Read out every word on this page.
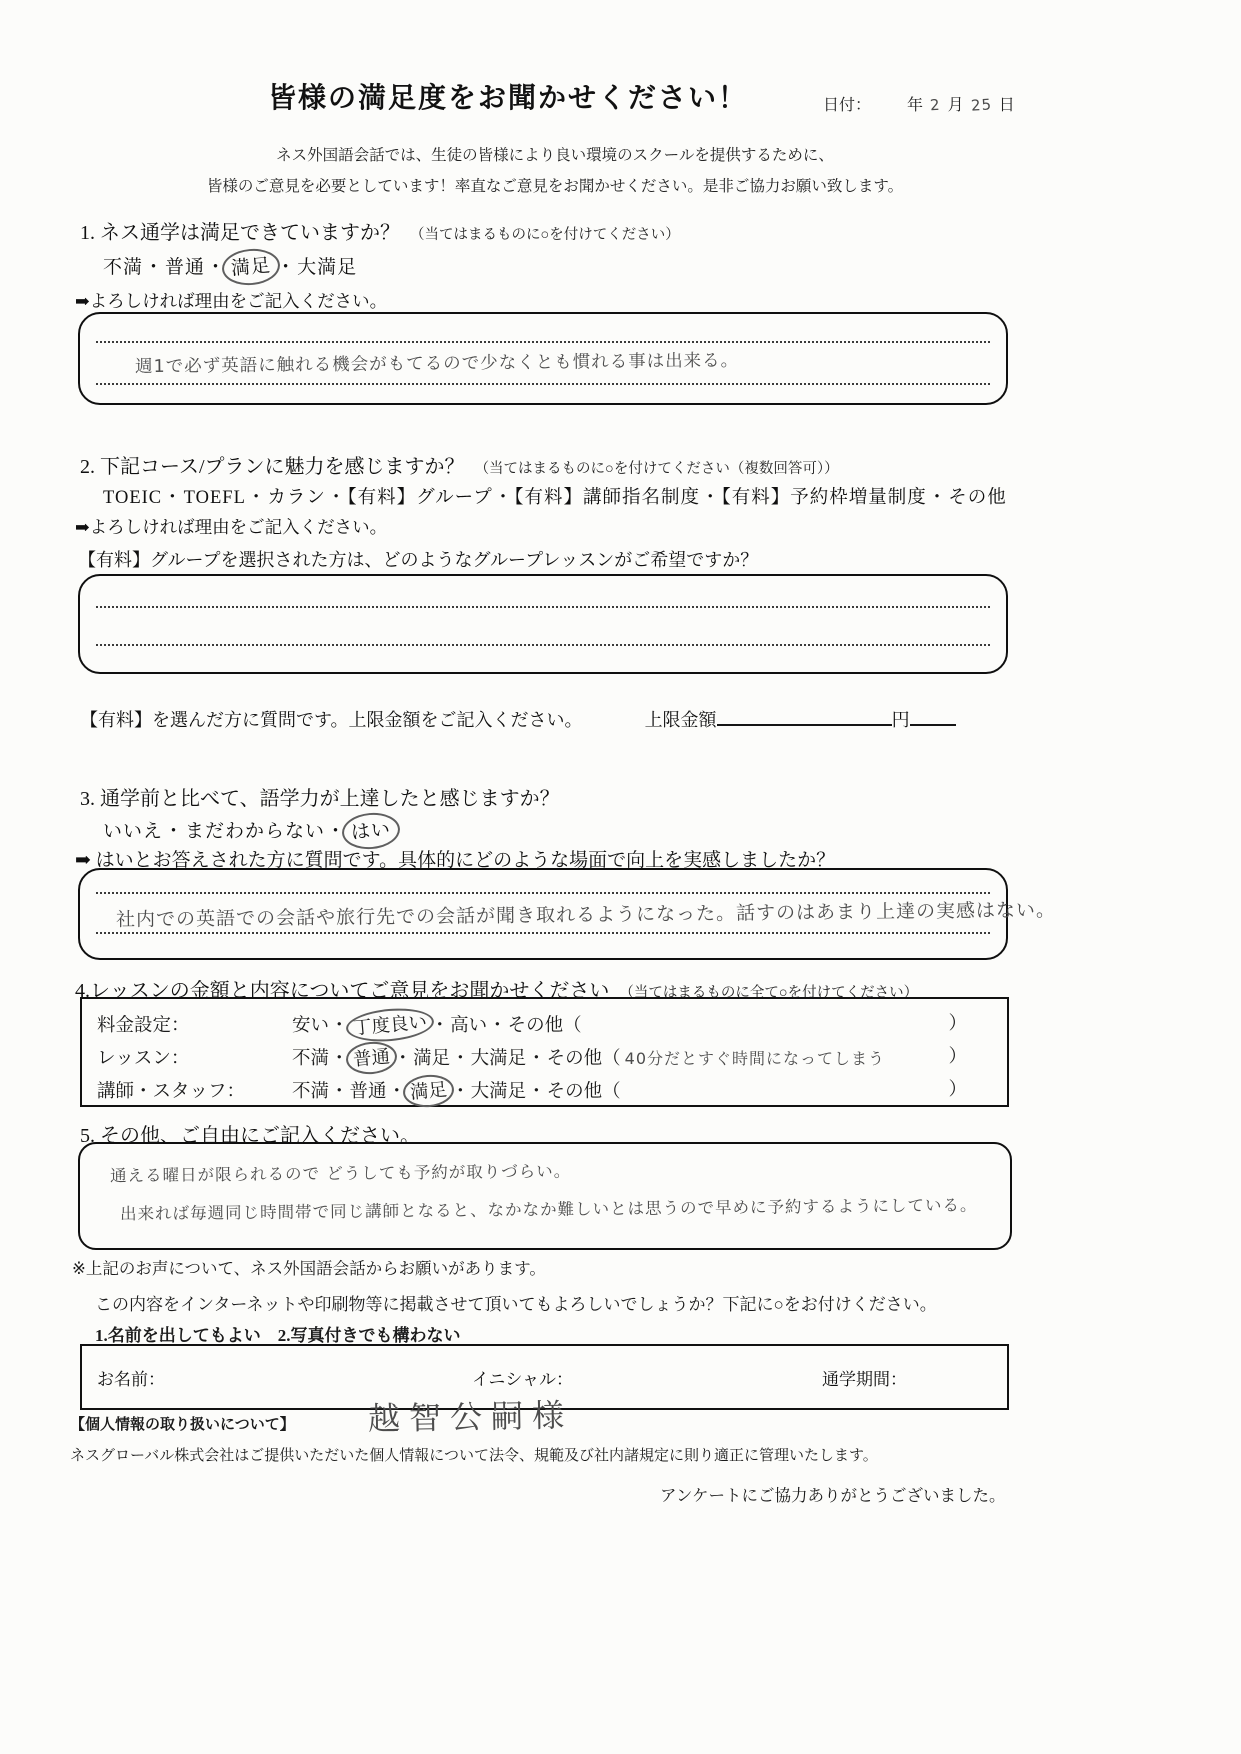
皆様の満足度をお聞かせください！	日付： 年 2 月 25 日
ネス外国語会話では、生徒の皆様により良い環境のスクールを提供するために、
皆様のご意見を必要としています！率直なご意見をお聞かせください。是非ご協力お願い致します。
1. ネス通学は満足できていますか？ （当てはまるものに○を付けてください）
不満・普通・ 満足 ・大満足
➡よろしければ理由をご記入ください。
週1で必ず英語に触れる機会がもてるので少なくとも慣れる事は出来る。
2. 下記コース/プランに魅力を感じますか？ （当てはまるものに○を付けてください（複数回答可））
TOEIC・TOEFL・カラン・【有料】グループ・【有料】講師指名制度・【有料】予約枠増量制度・その他
➡よろしければ理由をご記入ください。
【有料】グループを選択された方は、どのようなグループレッスンがご希望ですか？
【有料】を選んだ方に質問です。上限金額をご記入ください。	上限金額	円
3. 通学前と比べて、語学力が上達したと感じますか？
いいえ・まだわからない・ はい
➡ はいとお答えされた方に質問です。具体的にどのような場面で向上を実感しましたか？
社内での英語での会話や旅行先での会話が聞き取れるようになった。話すのはあまり上達の実感はない。
4.レッスンの金額と内容についてご意見をお聞かせください （当てはまるものに全て○を付けてください）
料金設定：	安い・ 丁度良い ・高い・その他（	）
レッスン：	不満・ 普通 ・満足・大満足・その他（ 40分だとすぐ時間になってしまう	）
講師・スタッフ：	不満・普通・ 満足 ・大満足・その他（	）
5. その他、ご自由にご記入ください。
通える曜日が限られるので どうしても予約が取りづらい。
出来れば毎週同じ時間帯で同じ講師となると、なかなか難しいとは思うので早めに予約するようにしている。
※上記のお声について、ネス外国語会話からお願いがあります。
この内容をインターネットや印刷物等に掲載させて頂いてもよろしいでしょうか？下記に○をお付けください。
1.名前を出してもよい　2.写真付きでも構わない
お名前：	イニシャル：	通学期間：
【個人情報の取り扱いについて】 越智公嗣様
ネスグローバル株式会社はご提供いただいた個人情報について法令、規範及び社内諸規定に則り適正に管理いたします。
アンケートにご協力ありがとうございました。
